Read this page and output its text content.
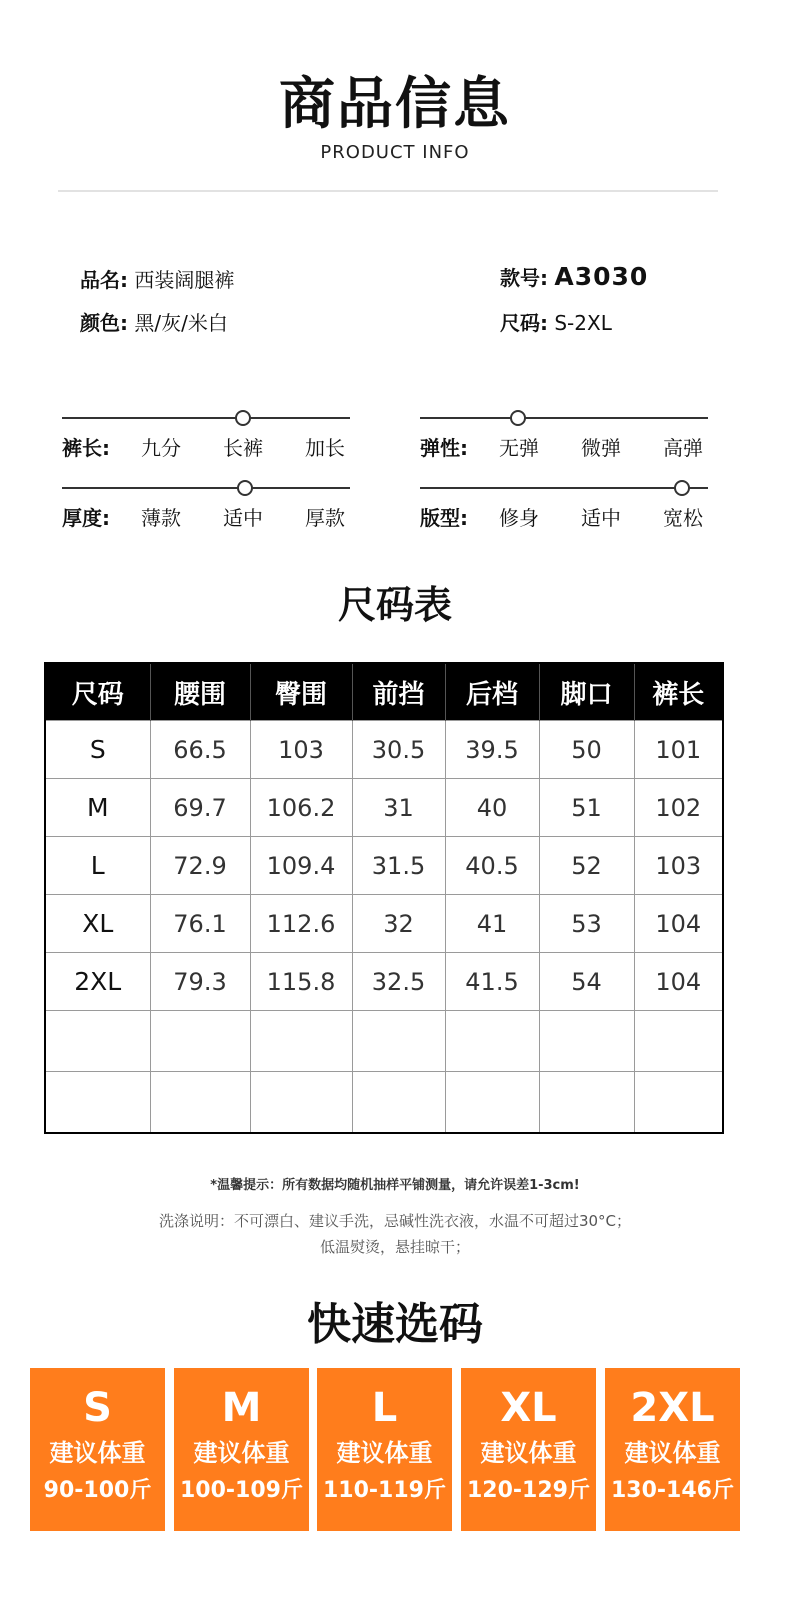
商品信息
PRODUCT INFO
品名: 西装阔腿裤
颜色: 黑/灰/米白
款号: A3030
尺码: S-2XL
裤长:	九分	长裤	加长	弹性:	无弹	微弹	高弹
厚度:	薄款	适中	厚款	版型:	修身	适中	宽松
尺码表
尺码	腰围	臀围	前挡	后档	脚口	裤长
S	66.5	103	30.5	39.5	50	101
M	69.7	106.2	31	40	51	102
L	72.9	109.4	31.5	40.5	52	103
XL	76.1	112.6	32	41	53	104
2XL	79.3	115.8	32.5	41.5	54	104

*温馨提示：所有数据均随机抽样平铺测量，请允许误差1-3cm!
洗涤说明：不可漂白、建议手洗，忌碱性洗衣液，水温不可超过30°C；
低温熨烫，悬挂晾干；
快速选码
S
建议体重
90-100斤
M
建议体重
100-109斤
L
建议体重
110-119斤
XL
建议体重
120-129斤
2XL
建议体重
130-146斤
